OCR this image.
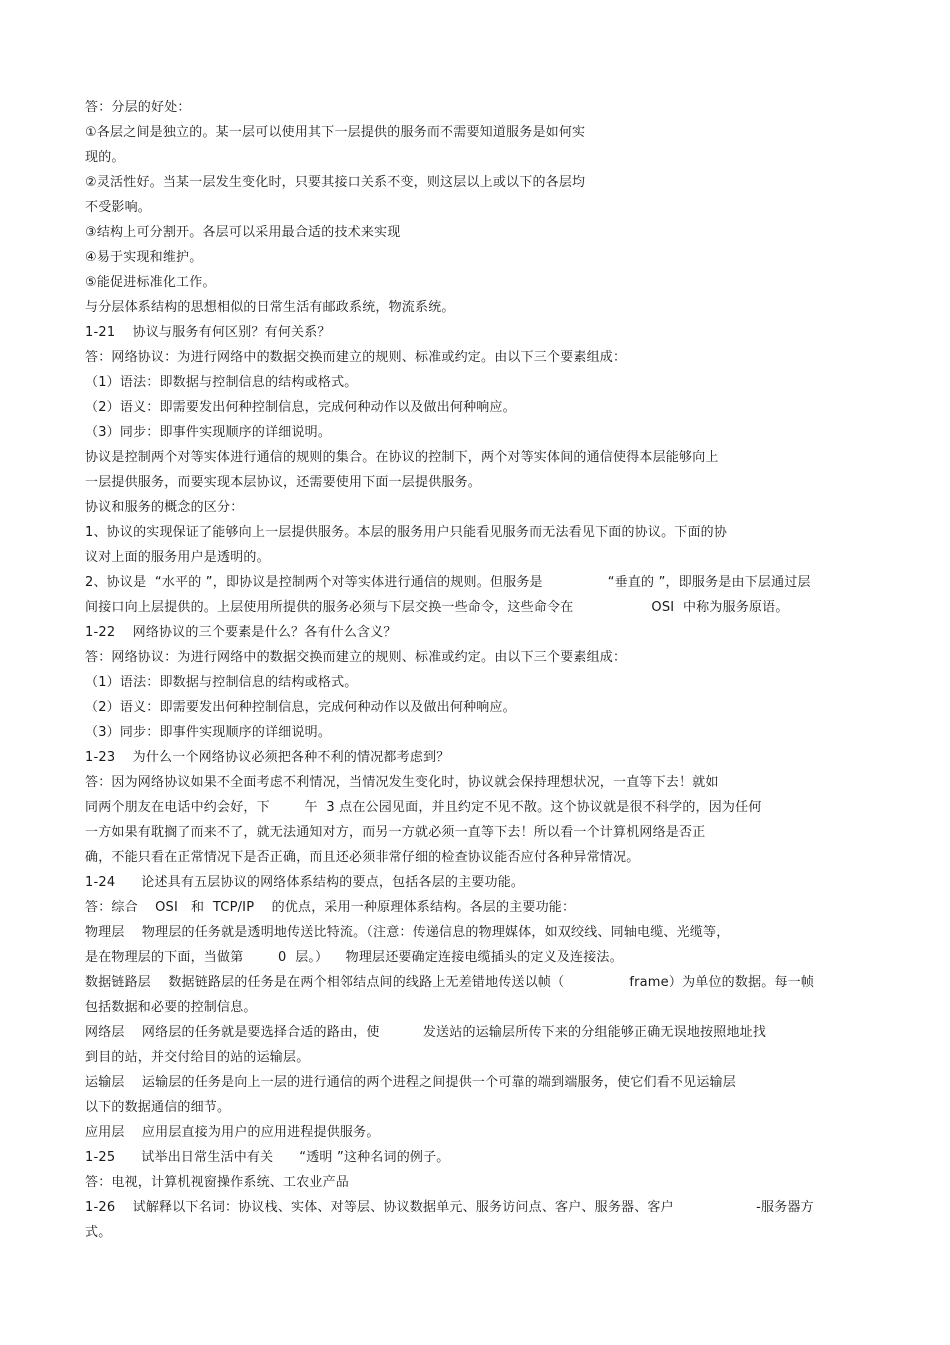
答：分层的好处：
①各层之间是独立的。某一层可以使用其下一层提供的服务而不需要知道服务是如何实
现的。
②灵活性好。当某一层发生变化时，只要其接口关系不变，则这层以上或以下的各层均
不受影响。
③结构上可分割开。各层可以采用最合适的技术来实现
④易于实现和维护。
⑤能促进标准化工作。
与分层体系结构的思想相似的日常生活有邮政系统，物流系统。
1-21    协议与服务有何区别？有何关系？
答：网络协议：为进行网络中的数据交换而建立的规则、标准或约定。由以下三个要素组成：
（1）语法：即数据与控制信息的结构或格式。
（2）语义：即需要发出何种控制信息，完成何种动作以及做出何种响应。
（3）同步：即事件实现顺序的详细说明。
协议是控制两个对等实体进行通信的规则的集合。在协议的控制下，两个对等实体间的通信使得本层能够向上
一层提供服务，而要实现本层协议，还需要使用下面一层提供服务。
协议和服务的概念的区分：
1、协议的实现保证了能够向上一层提供服务。本层的服务用户只能看见服务而无法看见下面的协议。下面的协
议对上面的服务用户是透明的。
2、协议是  “水平的 ”，即协议是控制两个对等实体进行通信的规则。但服务是               “垂直的 ”，即服务是由下层通过层
间接口向上层提供的。上层使用所提供的服务必须与下层交换一些命令，这些命令在                  OSI  中称为服务原语。
1-22    网络协议的三个要素是什么？各有什么含义？
答：网络协议：为进行网络中的数据交换而建立的规则、标准或约定。由以下三个要素组成：
（1）语法：即数据与控制信息的结构或格式。
（2）语义：即需要发出何种控制信息，完成何种动作以及做出何种响应。
（3）同步：即事件实现顺序的详细说明。
1-23    为什么一个网络协议必须把各种不利的情况都考虑到？
答：因为网络协议如果不全面考虑不利情况，当情况发生变化时，协议就会保持理想状况，一直等下去！就如
同两个朋友在电话中约会好，下        午  3 点在公园见面，并且约定不见不散。这个协议就是很不科学的，因为任何
一方如果有耽搁了而来不了，就无法通知对方，而另一方就必须一直等下去！所以看一个计算机网络是否正
确，不能只看在正常情况下是否正确，而且还必须非常仔细的检查协议能否应付各种异常情况。
1-24      论述具有五层协议的网络体系结构的要点，包括各层的主要功能。
答：综合    OSI   和  TCP/IP    的优点，采用一种原理体系结构。各层的主要功能：
物理层    物理层的任务就是透明地传送比特流。（注意：传递信息的物理媒体，如双绞线、同轴电缆、光缆等，
是在物理层的下面，当做第        0  层。）    物理层还要确定连接电缆插头的定义及连接法。
数据链路层    数据链路层的任务是在两个相邻结点间的线路上无差错地传送以帧（               frame）为单位的数据。每一帧
包括数据和必要的控制信息。
网络层    网络层的任务就是要选择合适的路由，使          发送站的运输层所传下来的分组能够正确无误地按照地址找
到目的站，并交付给目的站的运输层。
运输层    运输层的任务是向上一层的进行通信的两个进程之间提供一个可靠的端到端服务，使它们看不见运输层
以下的数据通信的细节。
应用层    应用层直接为用户的应用进程提供服务。
1-25      试举出日常生活中有关      “透明 ”这种名词的例子。
答：电视，计算机视窗操作系统、工农业产品
1-26    试解释以下名词：协议栈、实体、对等层、协议数据单元、服务访问点、客户、服务器、客户                   -服务器方
式。
